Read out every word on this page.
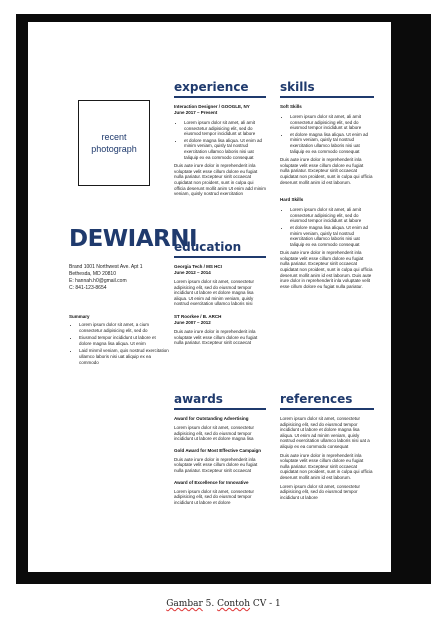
recent
photograph
DEWIARNI
Brand 1001 Northwest Ave. Apt 1
Bethesda, MD 20810
E: hannah.h0@gmail.com
C: 841-123-8654
Summary
• Lorem ipsum dolor sit amet, a cium consectetur adipisicing elit, sed do
• Eiusmod tempor incididunt ut labore et dolore magna lisa aliqua. Ut enim
• Laid minmil veniam, quis nostrud exercitation ullamco laboris nisi uat aliquip ex ea commodo
experience
Interaction Designer / GOOGLE, NY
June 2017 – Present
• Lorem ipsum dolor sit amet, ali amit consectetur adipisicing elit, sed do eiusmod tempor incididunt ut labore
• et dolore magna lisa aliqua. Ut enim ad minim veniam, quisly tal nostrud exercitation ullamco laboris nisi uat taliquip ex ea commodo consequat
Duis aute irure dolor in reprehenderit inla voluptate velit esse cillum dolore eu fugiat nulla pariatur. Excepteur sinlt occaecat cupidatat non proident, sunt in culpa qui officia deserunt mollit anim Ut enim add minim veniam, quisly nostrud exercitation
skills
Soft Skills
• Lorem ipsum dolor sit amet, ali amit consectetur adipisicing elit, sed do eiusmod tempor incididunt ut labore
• et dolore magna lisa aliqua. Ut enim ad minim veniam, quisly tal nostrud exercitation ullamco laboris nisi uat taliquip ex ea commodo consequat
Duis aute irure dolor in reprehenderit inla voluptate velit esse cillum dolore eu fugiat nulla pariatur. Excepteur sinlt occaecat cupidatat non proident, sunt in culpa qui officia deserunt mollit anim id est laborum.
Hard Skills
• Lorem ipsum dolor sit amet, ali amit consectetur adipisicing elit, sed do eiusmod tempor incididunt ut labore
• et dolore magna lisa aliqua. Ut enim ad minim veniam, quisly tal nostrud exercitation ullamco laboris nisi uat taliquip ex ea commodo consequat
Duis aute irure dolor in reprehenderit inla voluptate velit esse cillum dolore eu fugiat nulla pariatur. Excepteur sinlt occaecat cupidatat non proident, sunt in culpa qui officia deserunt mollit anim id est laborum. Duis aute irure dolor in reprehenderit inla voluptate velit esse cillum dolore eu fugiat nulla pariatur.
education
Georgia Tech / MS HCI
June 2012 – 2014
Lorem ipsum dolor sit amet, consectetur adipisicing elit, sed do eiusmod tempor incididunt ut labore et dolore magna lisa aliqua. Ut enim ad minim veniam, quisly nostrud exercitation ullamco laboris nisi
ST Roorkee / B. ARCH
June 2007 – 2012
Duis aute irure dolor in reprehenderit inla voluptate velit esse cillum dolore eu fugiat nulla pariatur. Excepteur sinlt occaecat
awards
Award for Outstanding Advertising
Lorem ipsum dolor sit amet, consectetur adipisicing elit, sed do eiusmod tempor incididunt ut labore et dolore magna lisa
Gold Award for Most Effective Campaign
Duis aute irure dolor in reprehenderit inla voluptate velit esse cillum dolore eu fugiat nulla pariatur. Excepteur sinlt occaecat
Award of Excellence for Innovative
Lorem ipsum dolor sit amet, consectetur adipisicing elit, sed do eiusmod tempor incididunt ut labore et dolore
references
Lorem ipsum dolor sit amet, consectetur adipisicing elit, sed do eiusmod tempor incididunt ut labore et dolore magna lisa aliqua. Ut enim ad minim veniam, quisly nostrud exercitation ullamco laboris nisi uat a aliquip ex ea commodo consequat
Duis aute irure dolor in reprehenderit inla voluptate velit esse cillum dolore eu fugiat nulla pariatur. Excepteur sinlt occaecat cupidatat non proident, sunt in culpa qui officia deserunt mollit anim id est laborum.
Lorem ipsum dolor sit amet, consectetur adipisicing elit, sed do eiusmod tempor incididunt ut labore
Gambar 5. Contoh CV - 1
